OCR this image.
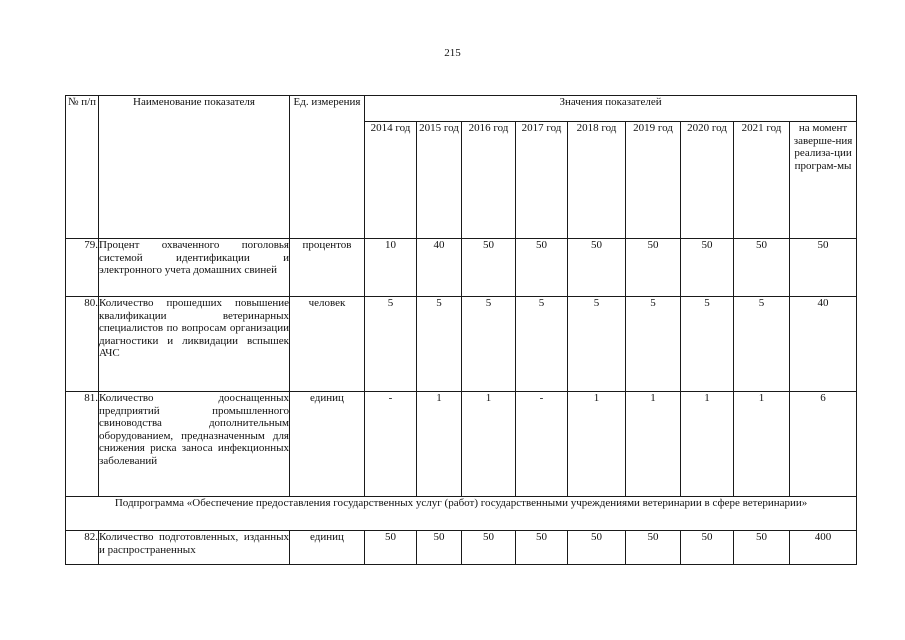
215
№ п/п	Наименование показателя	Ед. измерения	Значения показателей								
			2014 год	2015 год	2016 год	2017 год	2018 год	2019 год	2020 год	2021 год	на момент заверше-ния реализа-ции програм-мы
79.	Процент охваченного поголовья системой идентификации и электронного учета домашних свиней	процентов	10	40	50	50	50	50	50	50	50
80.	Количество прошедших повышение квалификации ветеринарных специалистов по вопросам организации диагностики и ликвидации вспышек АЧС	человек	5	5	5	5	5	5	5	5	40
81.	Количество дооснащенных предприятий промышленного свиноводства дополнительным оборудованием, предназначенным для снижения риска заноса инфекционных заболеваний	единиц	-	1	1	-	1	1	1	1	6
Подпрограмма «Обеспечение предоставления государственных услуг (работ) государственными учреждениями ветеринарии в сфере ветеринарии»											
82.	Количество подготовленных, изданных и распространенных	единиц	50	50	50	50	50	50	50	50	400
